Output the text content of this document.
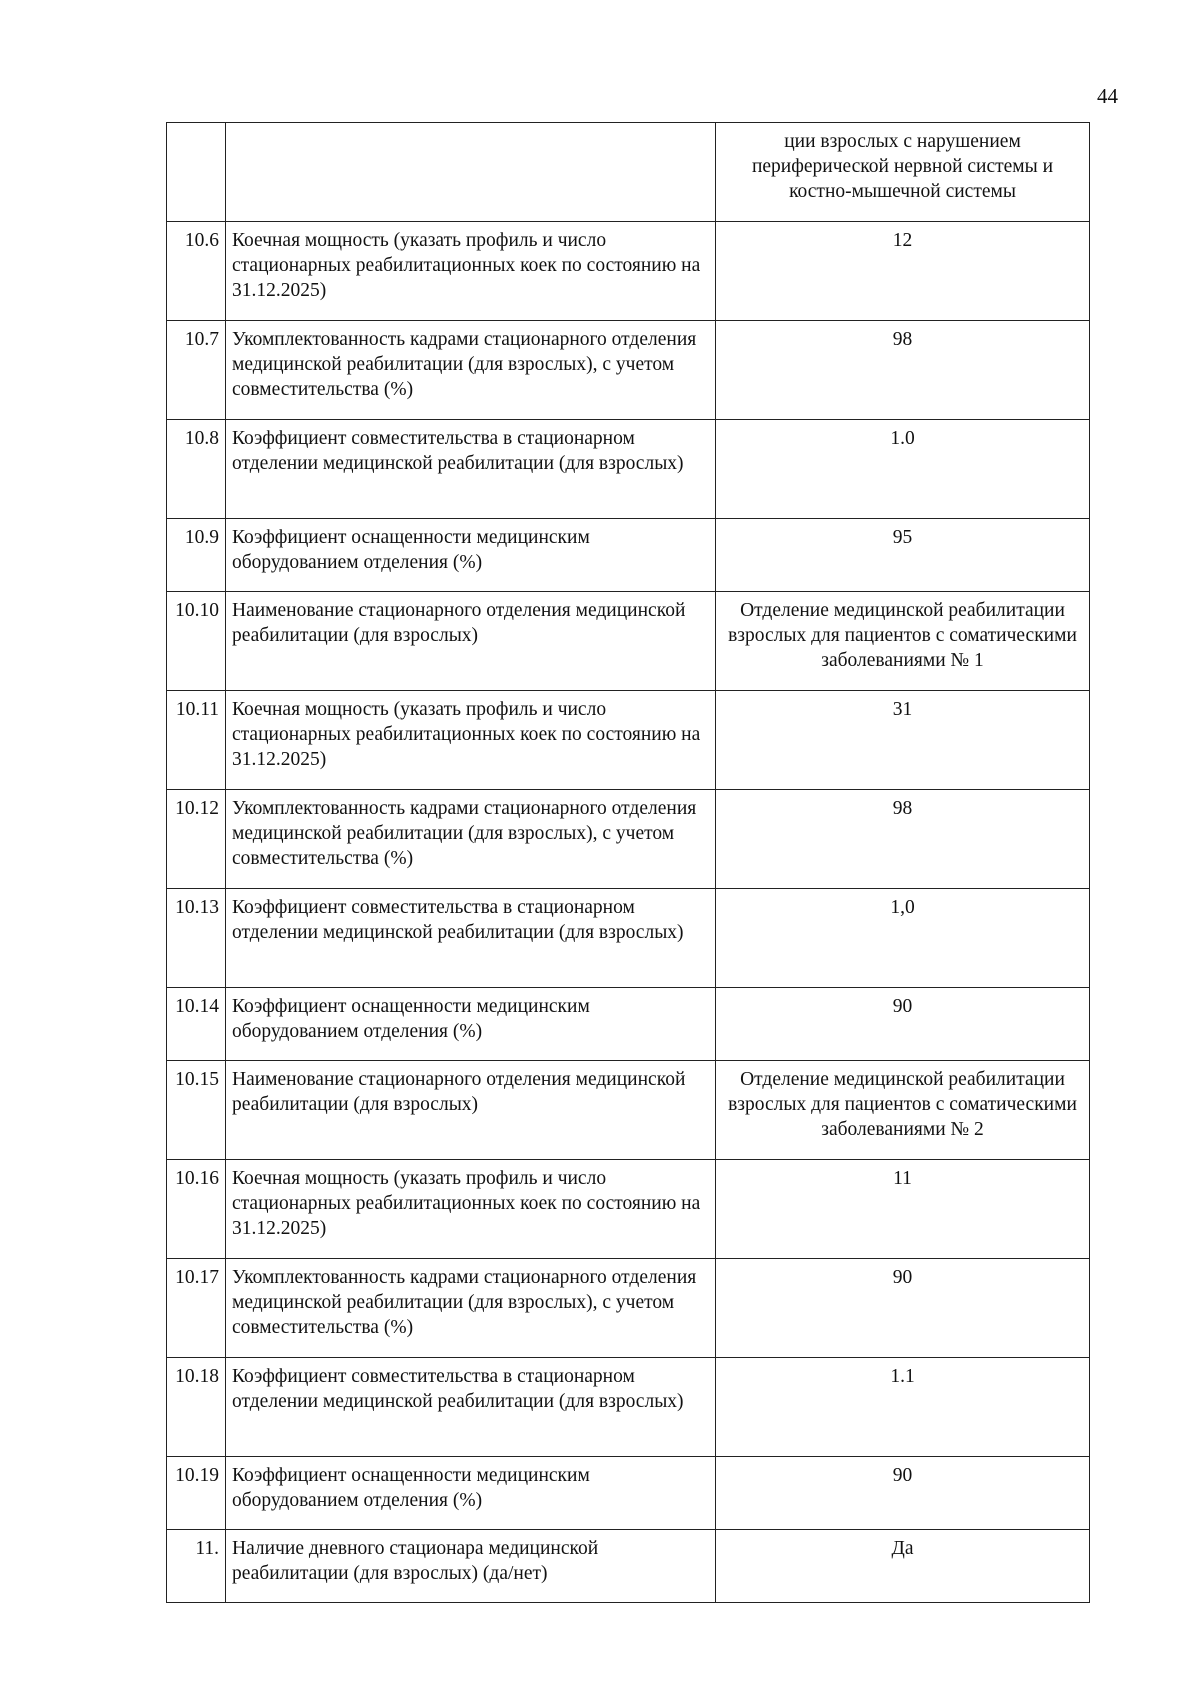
44
		ции взрослых с нарушением периферической нервной системы и костно-мышечной системы
10.6	Коечная мощность (указать профиль и число стационарных реабилитационных коек по состоянию на 31.12.2025)	12
10.7	Укомплектованность кадрами стационарного отделения медицинской реабилитации (для взрослых), с учетом совместительства (%)	98
10.8	Коэффициент совместительства в стационарном отделении медицинской реабилитации (для взрослых)	1.0
10.9	Коэффициент оснащенности медицинским оборудованием отделения (%)	95
10.10	Наименование стационарного отделения медицинской реабилитации (для взрослых)	Отделение медицинской реабилитации взрослых для пациентов с соматическими заболеваниями № 1
10.11	Коечная мощность (указать профиль и число стационарных реабилитационных коек по состоянию на 31.12.2025)	31
10.12	Укомплектованность кадрами стационарного отделения медицинской реабилитации (для взрослых), с учетом совместительства (%)	98
10.13	Коэффициент совместительства в стационарном отделении медицинской реабилитации (для взрослых)	1,0
10.14	Коэффициент оснащенности медицинским оборудованием отделения (%)	90
10.15	Наименование стационарного отделения медицинской реабилитации (для взрослых)	Отделение медицинской реабилитации взрослых для пациентов с соматическими заболеваниями № 2
10.16	Коечная мощность (указать профиль и число стационарных реабилитационных коек по состоянию на 31.12.2025)	11
10.17	Укомплектованность кадрами стационарного отделения медицинской реабилитации (для взрослых), с учетом совместительства (%)	90
10.18	Коэффициент совместительства в стационарном отделении медицинской реабилитации (для взрослых)	1.1
10.19	Коэффициент оснащенности медицинским оборудованием отделения (%)	90
11.	Наличие дневного стационара медицинской реабилитации (для взрослых) (да/нет)	Да
